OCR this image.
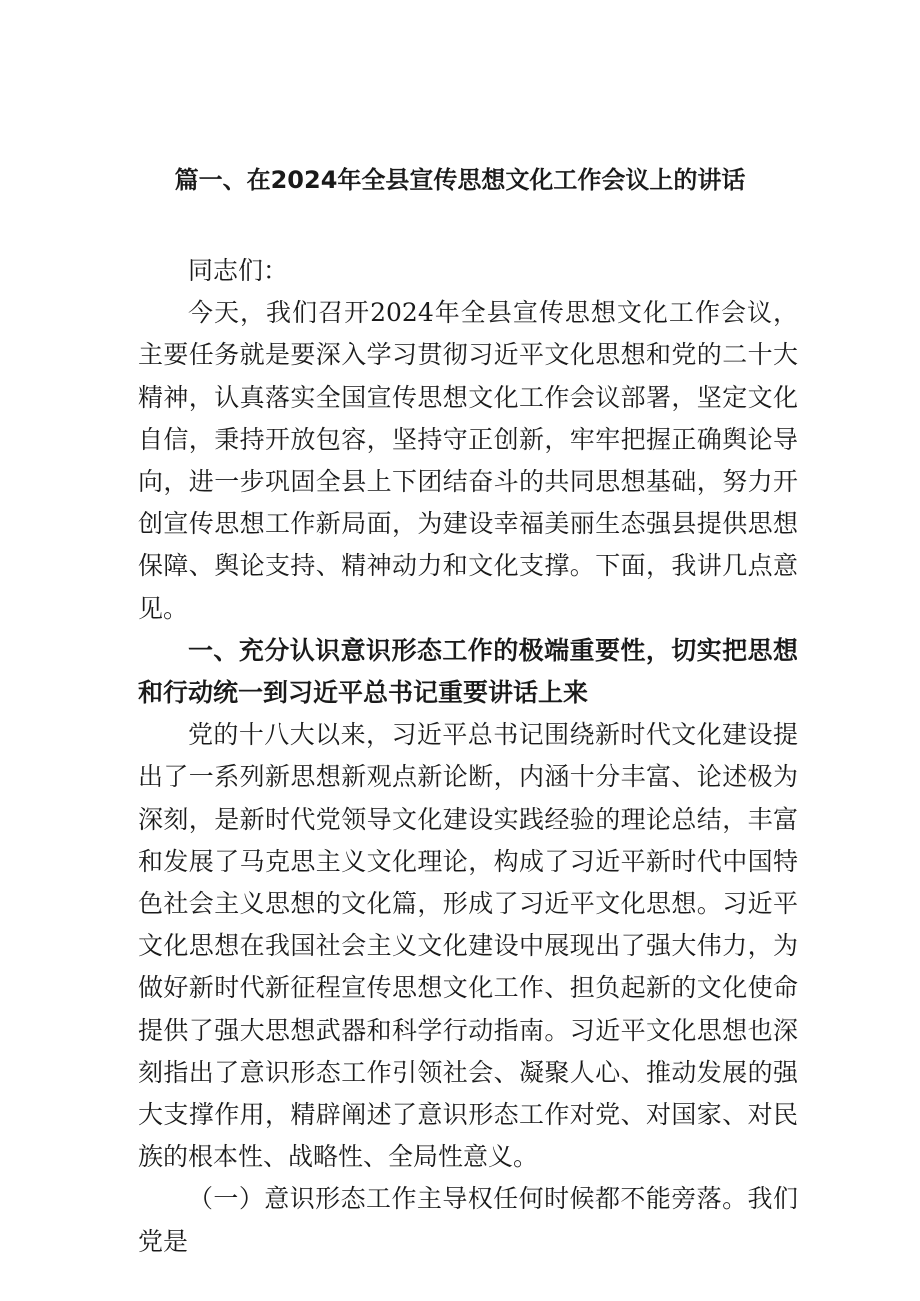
篇一、在2024年全县宣传思想文化工作会议上的讲话

同志们：

今天，我们召开2024年全县宣传思想文化工作会议，主要任务就是要深入学习贯彻习近平文化思想和党的二十大精神，认真落实全国宣传思想文化工作会议部署，坚定文化自信，秉持开放包容，坚持守正创新，牢牢把握正确舆论导向，进一步巩固全县上下团结奋斗的共同思想基础，努力开创宣传思想工作新局面，为建设幸福美丽生态强县提供思想保障、舆论支持、精神动力和文化支撑。下面，我讲几点意见。

一、充分认识意识形态工作的极端重要性，切实把思想和行动统一到习近平总书记重要讲话上来

党的十八大以来，习近平总书记围绕新时代文化建设提出了一系列新思想新观点新论断，内涵十分丰富、论述极为深刻，是新时代党领导文化建设实践经验的理论总结，丰富和发展了马克思主义文化理论，构成了习近平新时代中国特色社会主义思想的文化篇，形成了习近平文化思想。习近平文化思想在我国社会主义文化建设中展现出了强大伟力，为做好新时代新征程宣传思想文化工作、担负起新的文化使命提供了强大思想武器和科学行动指南。习近平文化思想也深刻指出了意识形态工作引领社会、凝聚人心、推动发展的强大支撑作用，精辟阐述了意识形态工作对党、对国家、对民族的根本性、战略性、全局性意义。

（一）意识形态工作主导权任何时候都不能旁落。我们党是
